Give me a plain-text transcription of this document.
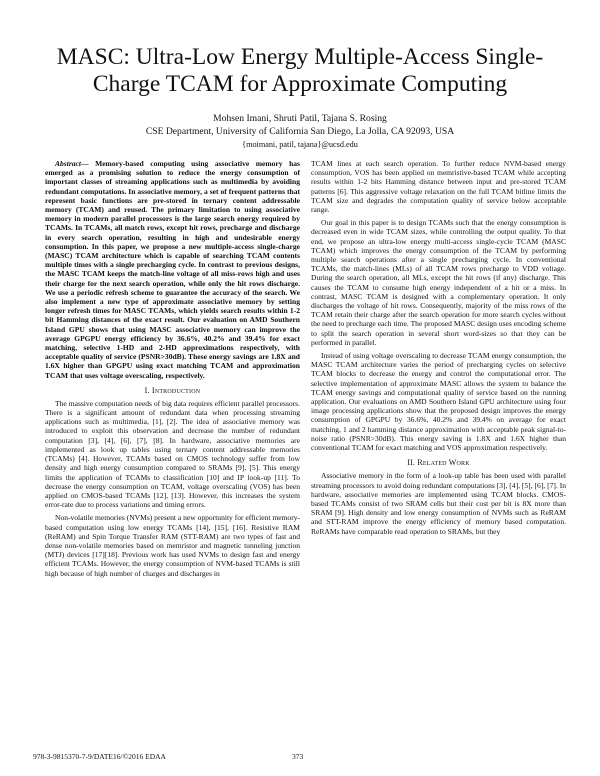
MASC: Ultra-Low Energy Multiple-Access Single-Charge TCAM for Approximate Computing
Mohsen Imani, Shruti Patil, Tajana S. Rosing
CSE Department, University of California San Diego, La Jolla, CA 92093, USA
{moimani, patil, tajana}@ucsd.edu

Abstract— Memory-based computing using associative memory has emerged as a promising solution to reduce the energy consumption of important classes of streaming applications such as multimedia by avoiding redundant computations. In associative memory, a set of frequent patterns that represent basic functions are pre-stored in ternary content addressable memory (TCAM) and reused. The primary limitation to using associative memory in modern parallel processors is the large search energy required by TCAMs. In TCAMs, all match rows, except hit rows, precharge and discharge in every search operation, resulting in high and undesirable energy consumption. In this paper, we propose a new multiple-access single-charge (MASC) TCAM architecture which is capable of searching TCAM contents multiple times with a single precharging cycle. In contrast to previous designs, the MASC TCAM keeps the match-line voltage of all miss-rows high and uses their charge for the next search operation, while only the hit rows discharge. We use a periodic refresh scheme to guarantee the accuracy of the search. We also implement a new type of approximate associative memory by setting longer refresh times for MASC TCAMs, which yields search results within 1-2 bit Hamming distances of the exact result. Our evaluation on AMD Southern Island GPU shows that using MASC associative memory can improve the average GPGPU energy efficiency by 36.6%, 40.2% and 39.4% for exact matching, selective 1-HD and 2-HD approximations respectively, with acceptable quality of service (PSNR>30dB). These energy savings are 1.8X and 1.6X higher than GPGPU using exact matching TCAM and approximation TCAM that uses voltage overscaling, respectively.

I. Introduction

The massive computation needs of big data requires efficient parallel processors. There is a significant amount of redundant data when processing streaming applications such as multimedia, [1], [2]. The idea of associative memory was introduced to exploit this observation and decrease the number of redundant computation [3], [4], [6], [7], [8]. In hardware, associative memories are implemented as look up tables using ternary content addressable memories (TCAMs) [4]. However, TCAMs based on CMOS technology suffer from low density and high energy consumption compared to SRAMs [9], [5]. This energy limits the application of TCAMs to classification [10] and IP look-up [11]. To decrease the energy consumption on TCAM, voltage overscaling (VOS) has been applied on CMOS-based TCAMs [12], [13]. However, this increases the system error-rate due to process variations and timing errors.

Non-volatile memories (NVMs) present a new opportunity for efficient memory-based computation using low energy TCAMs [14], [15], [16]. Resistive RAM (ReRAM) and Spin Torque Transfer RAM (STT-RAM) are two types of fast and dense non-volatile memories based on memristor and magnetic tunneling junction (MTJ) devices [17][18]. Previous work has used NVMs to design fast and energy efficient TCAMs. However, the energy consumption of NVM-based TCAMs is still high because of high number of charges and discharges in

TCAM lines at each search operation. To further reduce NVM-based energy consumption, VOS has been applied on memristive-based TCAM while accepting results within 1-2 bits Hamming distance between input and pre-stored TCAM patterns [6]. This aggressive voltage relaxation on the full TCAM bitline limits the TCAM size and degrades the computation quality of service below acceptable range.

Our goal in this paper is to design TCAMs such that the energy consumption is decreased even in wide TCAM sizes, while controlling the output quality. To that end, we propose an ultra-low energy multi-access single-cycle TCAM (MASC TCAM) which improves the energy consumption of the TCAM by performing multiple search operations after a single precharging cycle. In conventional TCAMs, the match-lines (MLs) of all TCAM rows precharge to VDD voltage. During the search operation, all MLs, except the hit rows (if any) discharge. This causes the TCAM to consume high energy independent of a hit or a miss. In contrast, MASC TCAM is designed with a complementary operation. It only discharges the voltage of hit rows. Consequently, majority of the miss rows of the TCAM retain their charge after the search operation for more search cycles without the need to precharge each time. The proposed MASC design uses encoding scheme to split the search operation in several short word-sizes so that they can be performed in parallel.

Instead of using voltage overscaling to decrease TCAM energy consumption, the MASC TCAM architecture varies the period of precharging cycles on selective TCAM blocks to decrease the energy and control the computational error. The selective implementation of approximate MASC allows the system to balance the TCAM energy savings and computational quality of service based on the running application. Our evaluations on AMD Southern Island GPU architecture using four image processing applications show that the proposed design improves the energy consumption of GPGPU by 36.6%, 40.2% and 39.4% on average for exact matching, 1 and 2 hamming distance approximation with acceptable peak signal-to-noise ratio (PSNR>30dB). This energy saving is 1.8X and 1.6X higher than conventional TCAM for exact matching and VOS approximation respectively.

II. Related Work

Associative memory in the form of a look-up table has been used with parallel streaming processors to avoid doing redundant computations [3], [4], [5], [6], [7]. In hardware, associative memories are implemented using TCAM blocks. CMOS-based TCAMs consist of two SRAM cells but their cost per bit is 8X more than SRAM [9]. High density and low energy consumption of NVMs such as ReRAM and STT-RAM improve the energy efficiency of memory based computation. ReRAMs have comparable read operation to SRAMs, but they

978-3-9815370-7-9/DATE16/©2016 EDAA	373
